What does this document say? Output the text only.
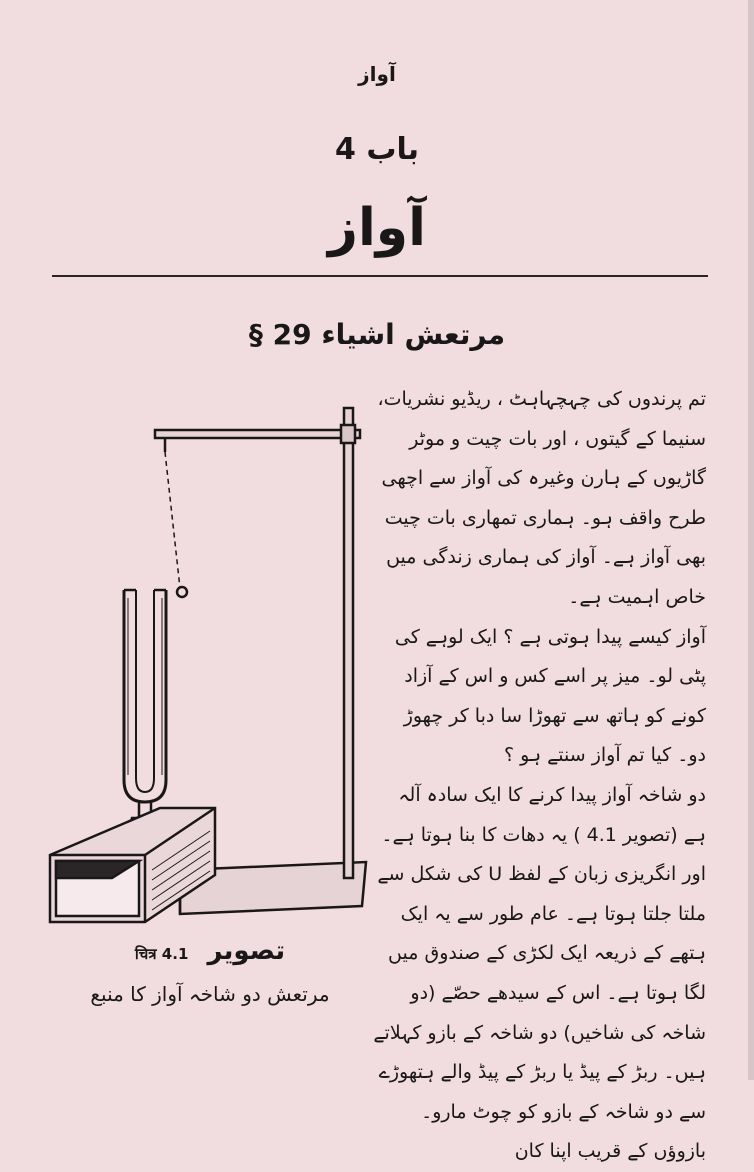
آواز
باب 4
آواز
§ 29 مرتعش اشیاء

تم پرندوں کی چہچہاہٹ ، ریڈیو نشریات، سنیما کے گیتوں ، اور بات چیت و موٹر گاڑیوں کے ہارن وغیرہ کی آواز سے اچھی طرح واقف ہو۔ ہماری تمھاری بات چیت بھی آواز ہے۔ آواز کی ہماری زندگی میں خاص اہمیت ہے۔

آواز کیسے پیدا ہوتی ہے ؟ ایک لوہے کی پٹی لو۔ میز پر اسے کس و اس کے آزاد کونے کو ہاتھ سے تھوڑا سا دبا کر چھوڑ دو۔ کیا تم آواز سنتے ہو ؟

دو شاخہ آواز پیدا کرنے کا ایک سادہ آلہ ہے (تصویر 4.1 ) یہ دھات کا بنا ہوتا ہے۔ اور انگریزی زبان کے لفظ U کی شکل سے ملتا جلتا ہوتا ہے۔ عام طور سے یہ ایک ہتھے کے ذریعہ ایک لکڑی کے صندوق میں لگا ہوتا ہے۔ اس کے سیدھے حصّے (دو شاخہ کی شاخیں) دو شاخہ کے بازو کہلاتے ہیں۔ ربڑ کے پیڈ یا ربڑ کے پیڈ والے ہتھوڑے سے دو شاخہ کے بازو کو چوٹ مارو۔ بازوؤں کے قریب اپنا کان

تصویر चित्र 4.1
مرتعش دو شاخہ آواز کا منبع
